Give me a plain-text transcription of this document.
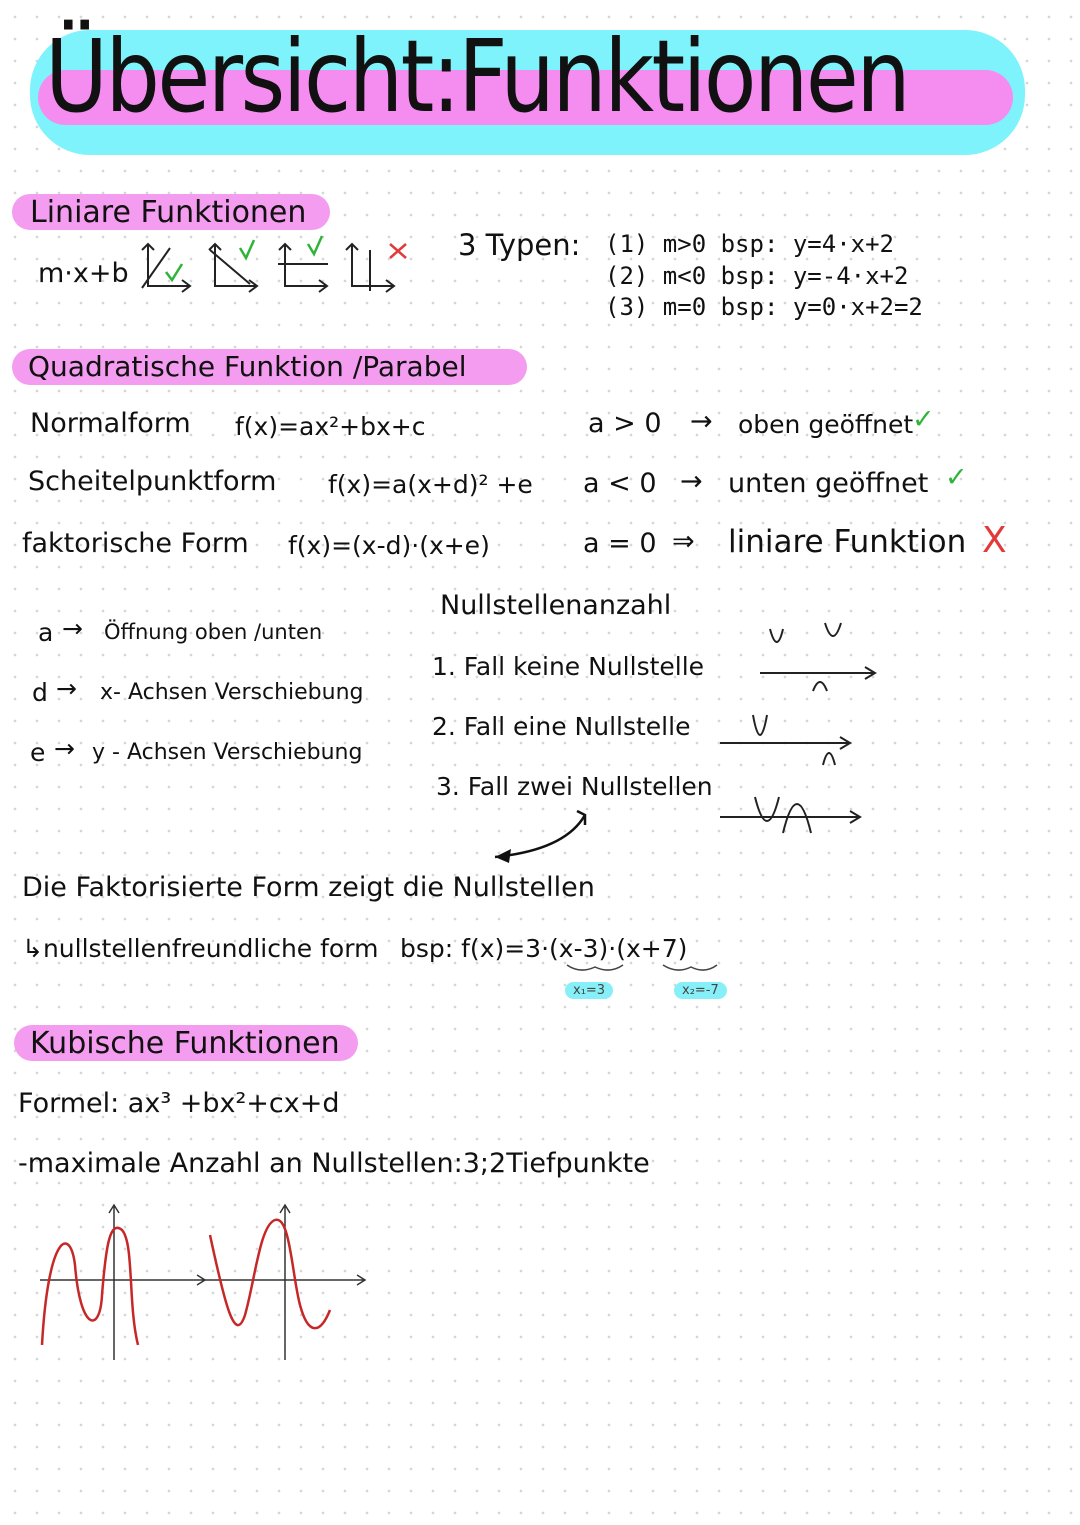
Übersicht:Funktionen
Liniare Funktionen
m·x+b
3 Typen: (1) m>0 bsp: y=4·x+2
(2) m<0 bsp: y=-4·x+2
(3) m=0 bsp: y=0·x+2=2
Quadratische Funktion /Parabel
Normalform f(x)=ax²+bx+c
Scheitelpunktform f(x)=a(x+d)² +e
faktorische Form f(x)=(x-d)·(x+e)
a > 0 → oben geöffnet
✓
a < 0 → unten geöffnet ✓
a = 0 ⇒ liniare Funktion X
a → Öffnung oben /unten
d → x- Achsen Verschiebung
e → y - Achsen Verschiebung
Nullstellenanzahl
1. Fall keine Nullstelle
2. Fall eine Nullstelle
3. Fall zwei Nullstellen
Die Faktorisierte Form zeigt die Nullstellen
↳nullstellenfreundliche form bsp: f(x)=3·(x-3)·(x+7)
x₁=3	x₂=-7
Kubische Funktionen
Formel: ax³ +bx²+cx+d
-maximale Anzahl an Nullstellen:3;2Tiefpunkte
